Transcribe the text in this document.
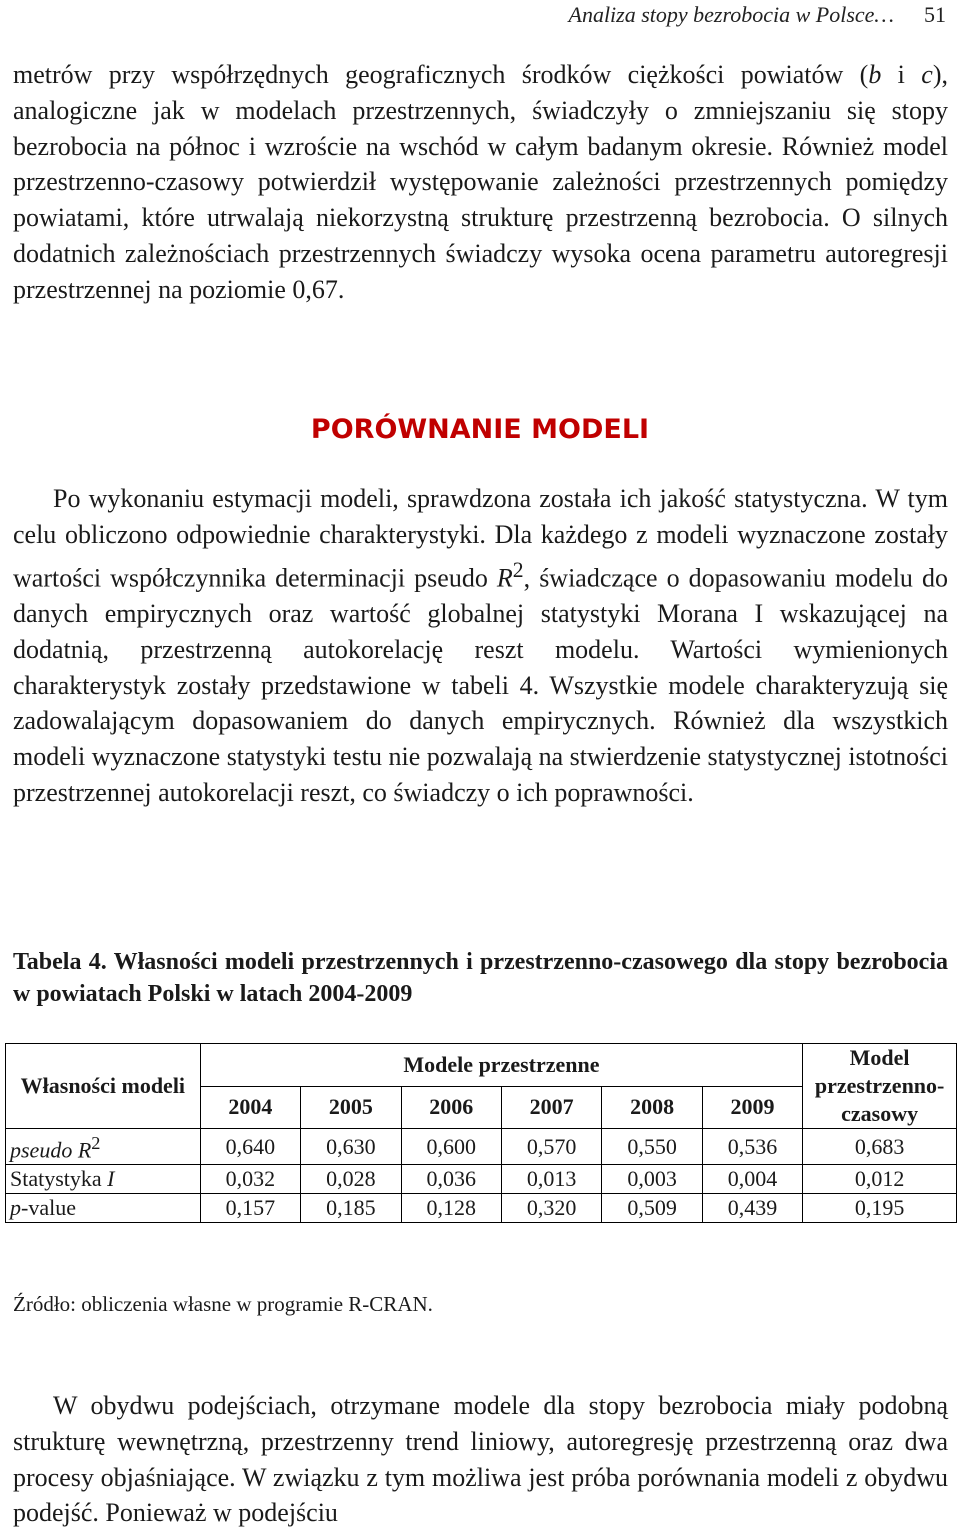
Analiza stopy bezrobocia w Polsce… 51

metrów przy współrzędnych geograficznych środków ciężkości powiatów (b i c), analogiczne jak w modelach przestrzennych, świadczyły o zmniejszaniu się stopy bezrobocia na północ i wzroście na wschód w całym badanym okresie. Również model przestrzenno-czasowy potwierdził występowanie zależności przestrzennych pomiędzy powiatami, które utrwalają niekorzystną strukturę przestrzenną bezrobocia. O silnych dodatnich zależnościach przestrzennych świadczy wysoka ocena parametru autoregresji przestrzennej na poziomie 0,67.

PORÓWNANIE MODELI

Po wykonaniu estymacji modeli, sprawdzona została ich jakość statystyczna. W tym celu obliczono odpowiednie charakterystyki. Dla każdego z modeli wyznaczone zostały wartości współczynnika determinacji pseudo $R^2$, świadczące o dopasowaniu modelu do danych empirycznych oraz wartość globalnej statystyki Morana I wskazującej na dodatnią, przestrzenną autokorelację reszt modelu. Wartości wymienionych charakterystyk zostały przedstawione w tabeli 4. Wszystkie modele charakteryzują się zadowalającym dopasowaniem do danych empirycznych. Również dla wszystkich modeli wyznaczone statystyki testu nie pozwalają na stwierdzenie statystycznej istotności przestrzennej autokorelacji reszt, co świadczy o ich poprawności.

Tabela 4. Własności modeli przestrzennych i przestrzenno-czasowego dla stopy bezrobocia w powiatach Polski w latach 2004-2009

Własności modeli	Modele przestrzenne						Model przestrzenno-czasowy
	2004	2005	2006	2007	2008	2009	
pseudo $R^2$	0,640	0,630	0,600	0,570	0,550	0,536	0,683
Statystyka I	0,032	0,028	0,036	0,013	0,003	0,004	0,012
p-value	0,157	0,185	0,128	0,320	0,509	0,439	0,195

Źródło: obliczenia własne w programie R-CRAN.

W obydwu podejściach, otrzymane modele dla stopy bezrobocia miały podobną strukturę wewnętrzną, przestrzenny trend liniowy, autoregresję przestrzenną oraz dwa procesy objaśniające. W związku z tym możliwa jest próba porównania modeli z obydwu podejść. Ponieważ w podejściu
